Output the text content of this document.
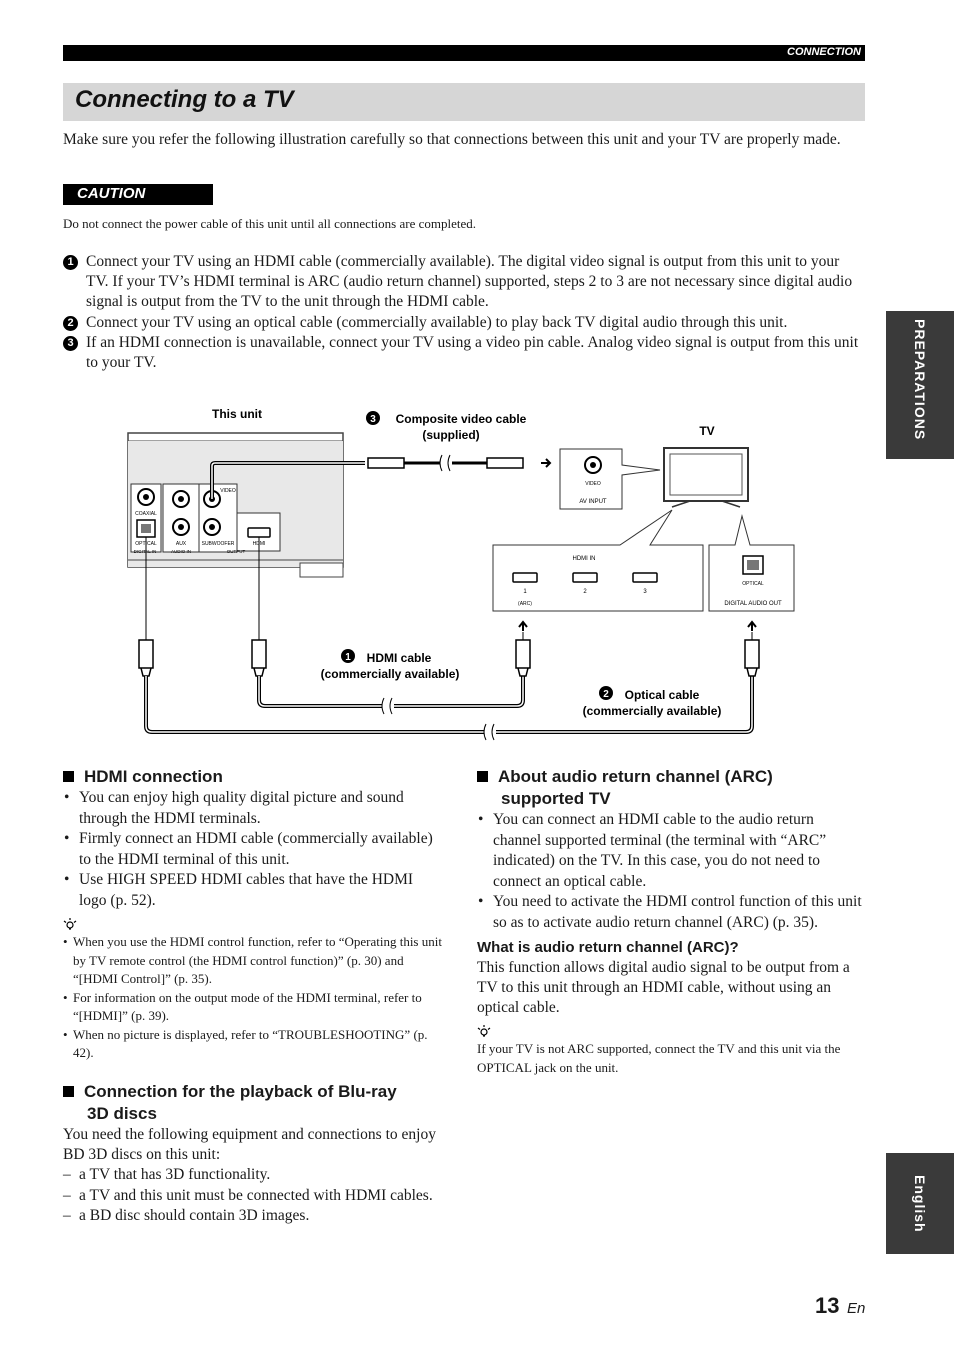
CONNECTION
Connecting to a TV
Make sure you refer the following illustration carefully so that connections between this unit and your TV are properly made.
CAUTION
Do not connect the power cable of this unit until all connections are completed.
1 Connect your TV using an HDMI cable (commercially available). The digital video signal is output from this unit to your TV. If your TV’s HDMI terminal is ARC (audio return channel) supported, steps 2 to 3 are not necessary since digital audio signal is output from the TV to the unit through the HDMI cable.
2 Connect your TV using an optical cable (commercially available) to play back TV digital audio through this unit.
3 If an HDMI connection is unavailable, connect your TV using a video pin cable. Analog video signal is output from this unit to your TV.
This unit
COAXIAL
OPTICAL	AUX	SUBWOOFER
VIDEO
HDMI
DIGITAL IN	AUDIO IN	OUTPUT
3 Composite video cable
(supplied)	TV
VIDEO
AV INPUT
HDMI IN
1	2	3
(ARC)
OPTICAL
DIGITAL AUDIO OUT
1 HDMI cable
(commercially available)
2 Optical cable
(commercially available)
HDMI connection
• You can enjoy high quality digital picture and sound through the HDMI terminals.
• Firmly connect an HDMI cable (commercially available) to the HDMI terminal of this unit.
• Use HIGH SPEED HDMI cables that have the HDMI logo (p. 52).
• When you use the HDMI control function, refer to “Operating this unit by TV remote control (the HDMI control function)” (p. 30) and “[HDMI Control]” (p. 35).
• For information on the output mode of the HDMI terminal, refer to “[HDMI]” (p. 39).
• When no picture is displayed, refer to “TROUBLESHOOTING” (p. 42).
Connection for the playback of Blu-ray
3D discs
You need the following equipment and connections to enjoy BD 3D discs on this unit:
– a TV that has 3D functionality.
– a TV and this unit must be connected with HDMI cables.
– a BD disc should contain 3D images.
About audio return channel (ARC)
supported TV
• You can connect an HDMI cable to the audio return channel supported terminal (the terminal with “ARC” indicated) on the TV. In this case, you do not need to connect an optical cable.
• You need to activate the HDMI control function of this unit so as to activate audio return channel (ARC) (p. 35).
What is audio return channel (ARC)?
This function allows digital audio signal to be output from a TV to this unit through an HDMI cable, without using an optical cable.
If your TV is not ARC supported, connect the TV and this unit via the OPTICAL jack on the unit.
PREPARATIONS
English
13 En
